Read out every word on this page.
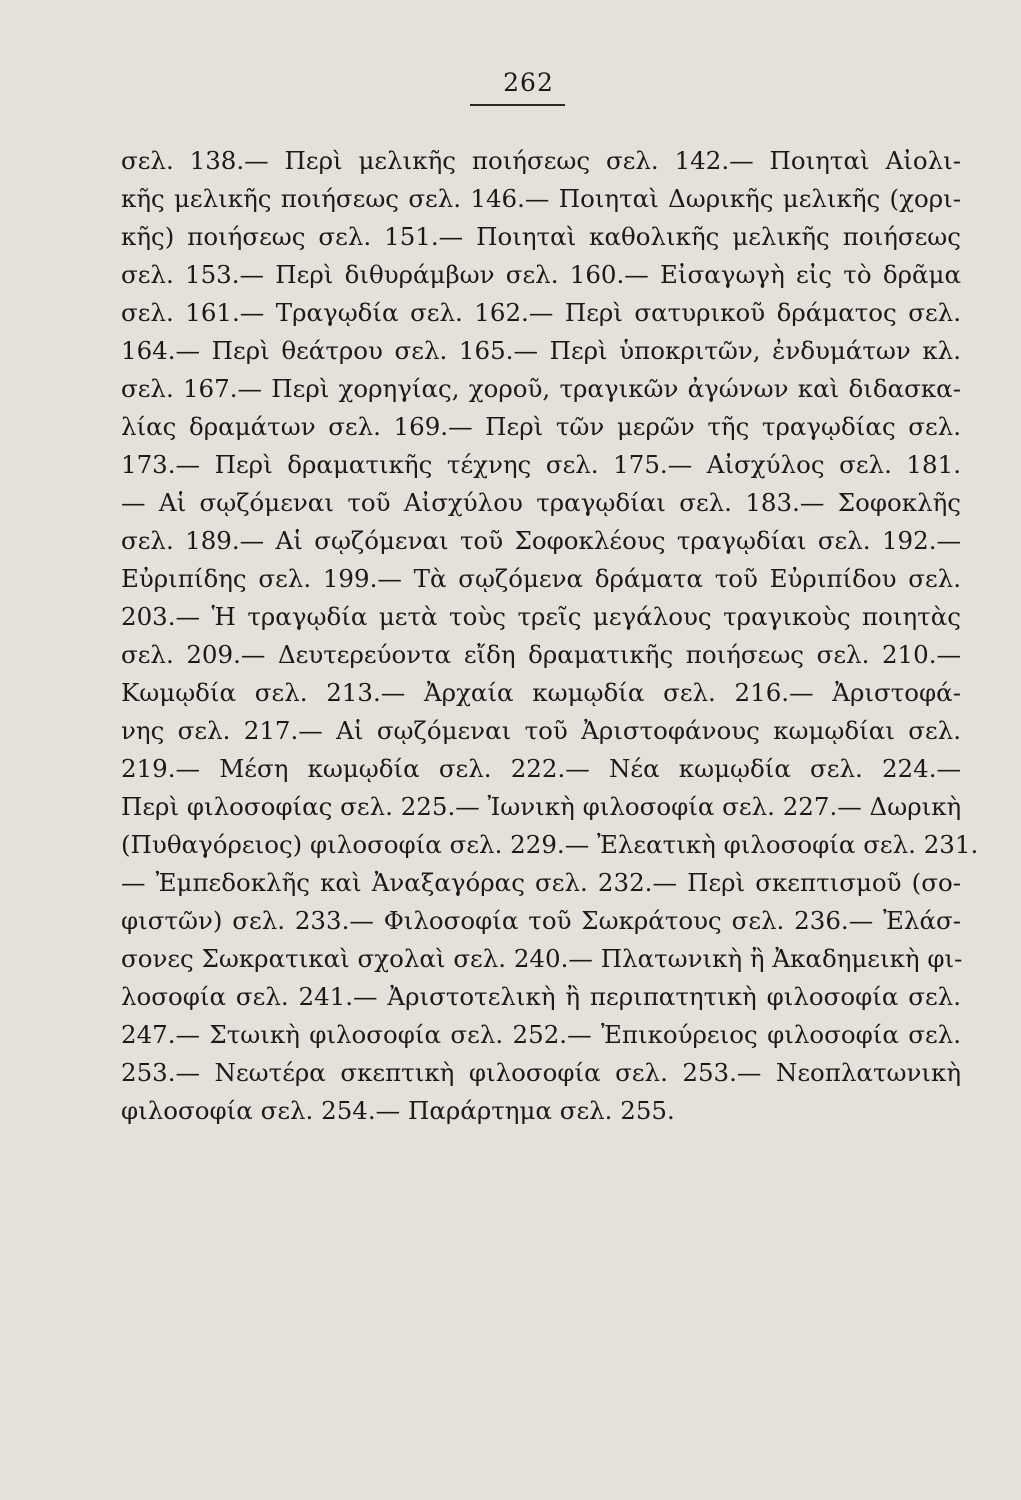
262
σελ. 138.— Περὶ μελικῆς ποιήσεως σελ. 142.— Ποιηταὶ Αἰολι-
κῆς μελικῆς ποιήσεως σελ. 146.— Ποιηταὶ Δωρικῆς μελικῆς (χορι-
κῆς) ποιήσεως σελ. 151.— Ποιηταὶ καθολικῆς μελικῆς ποιήσεως
σελ. 153.— Περὶ διθυράμβων σελ. 160.— Εἰσαγωγὴ εἰς τὸ δρᾶμα
σελ. 161.— Τραγῳδία σελ. 162.— Περὶ σατυρικοῦ δράματος σελ.
164.— Περὶ θεάτρου σελ. 165.— Περὶ ὑποκριτῶν, ἐνδυμάτων κλ.
σελ. 167.— Περὶ χορηγίας, χοροῦ, τραγικῶν ἀγώνων καὶ διδασκα-
λίας δραμάτων σελ. 169.— Περὶ τῶν μερῶν τῆς τραγῳδίας σελ.
173.— Περὶ δραματικῆς τέχνης σελ. 175.— Αἰσχύλος σελ. 181.
— Αἱ σῳζόμεναι τοῦ Αἰσχύλου τραγῳδίαι σελ. 183.— Σοφοκλῆς
σελ. 189.— Αἱ σῳζόμεναι τοῦ Σοφοκλέους τραγῳδίαι σελ. 192.—
Εὐριπίδης σελ. 199.— Τὰ σῳζόμενα δράματα τοῦ Εὐριπίδου σελ.
203.— Ἡ τραγῳδία μετὰ τοὺς τρεῖς μεγάλους τραγικοὺς ποιητὰς
σελ. 209.— Δευτερεύοντα εἴδη δραματικῆς ποιήσεως σελ. 210.—
Κωμῳδία σελ. 213.— Ἀρχαία κωμῳδία σελ. 216.— Ἀριστοφά-
νης σελ. 217.— Αἱ σῳζόμεναι τοῦ Ἀριστοφάνους κωμῳδίαι σελ.
219.— Μέση κωμῳδία σελ. 222.— Νέα κωμῳδία σελ. 224.—
Περὶ φιλοσοφίας σελ. 225.— Ἰωνικὴ φιλοσοφία σελ. 227.— Δωρικὴ
(Πυθαγόρειος) φιλοσοφία σελ. 229.— Ἐλεατικὴ φιλοσοφία σελ. 231.
— Ἐμπεδοκλῆς καὶ Ἀναξαγόρας σελ. 232.— Περὶ σκεπτισμοῦ (σο-
φιστῶν) σελ. 233.— Φιλοσοφία τοῦ Σωκράτους σελ. 236.— Ἐλάσ-
σονες Σωκρατικαὶ σχολαὶ σελ. 240.— Πλατωνικὴ ἢ Ἀκαδημεικὴ φι-
λοσοφία σελ. 241.— Ἀριστοτελικὴ ἢ περιπατητικὴ φιλοσοφία σελ.
247.— Στωικὴ φιλοσοφία σελ. 252.— Ἐπικούρειος φιλοσοφία σελ.
253.— Νεωτέρα σκεπτικὴ φιλοσοφία σελ. 253.— Νεοπλατωνικὴ
φιλοσοφία σελ. 254.— Παράρτημα σελ. 255.
